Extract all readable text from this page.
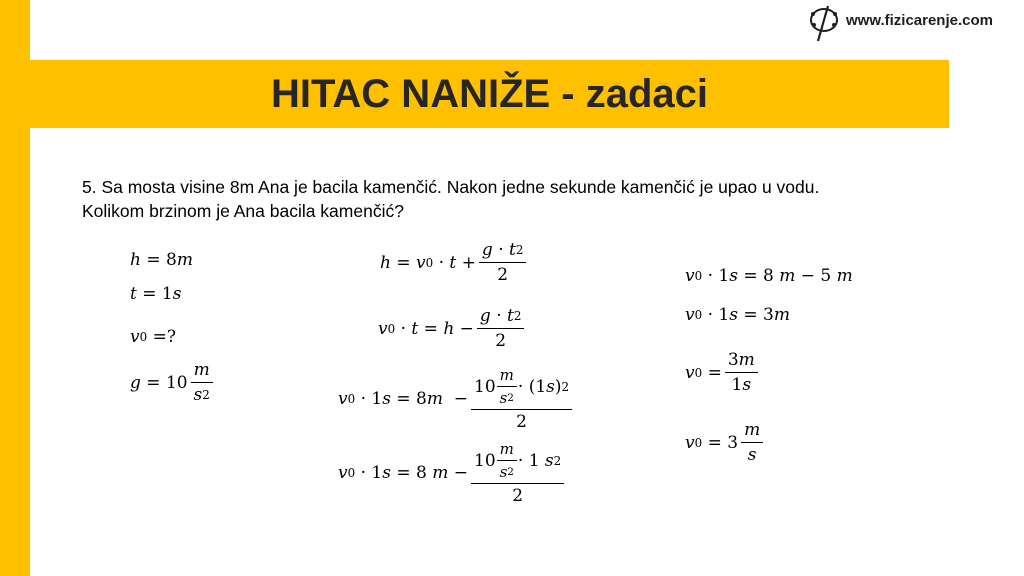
HITAC NANIŽE - zadaci
www.fizicarenje.com

5. Sa mosta visine 8m Ana je bacila kamenčić. Nakon jedne sekunde kamenčić je upao u vodu.

Kolikom brzinom je Ana bacila kamenčić?

h = 8 m
t = 1 s
v 0 =?
$g = 10 \frac{m}{s 2}$
h = v $0 \cdot t + \frac{g \cdot t 2}{2}$
v $0 \cdot t = h - \frac{g \cdot t 2}{2}$
v 0 · 1 s = 8 $m - \frac{10 \frac{m}{s 2} \cdot (1 s ) 2}{2}$
v 0 · 1 s = 8 $m - \frac{10 \frac{m}{s 2} \cdot 1 s 2}{2}$
v 0 · 1 s = 8 m − 5 m
v 0 · 1 s = 3 m
v $0 = \frac{3 m}{1 s}$
v $0 = 3 \frac{m}{s}$
